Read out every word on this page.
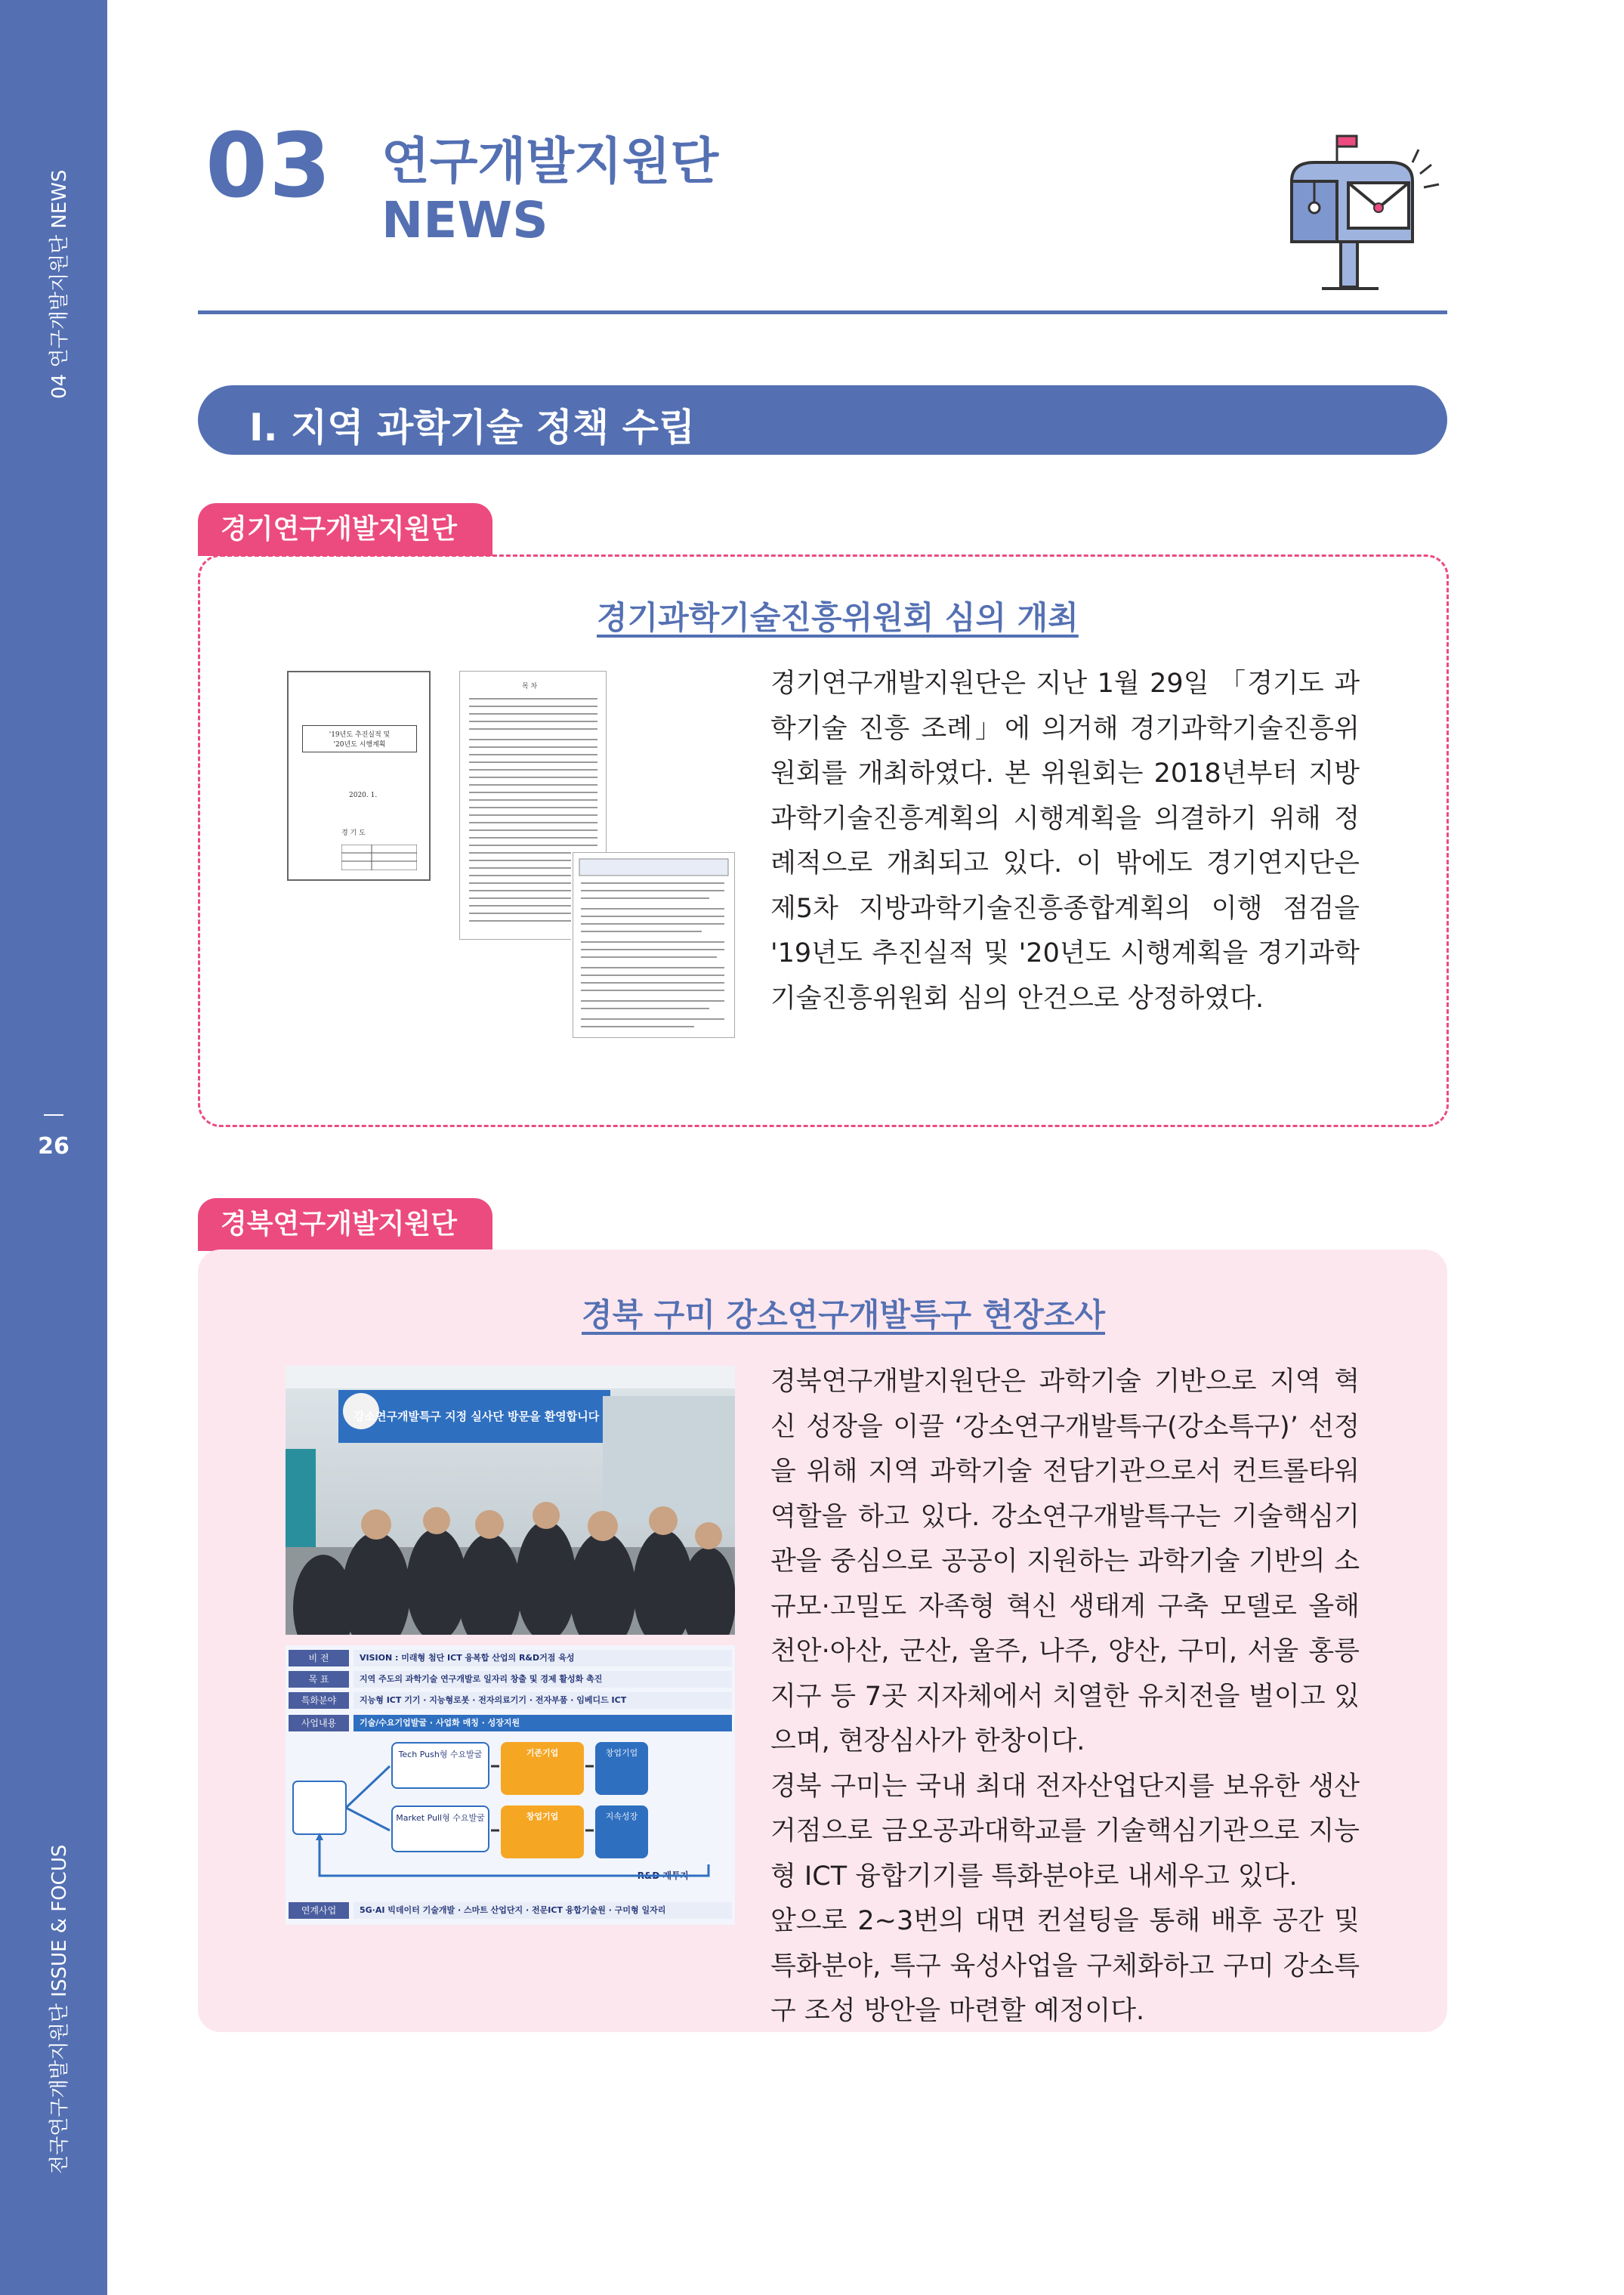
04 연구개발지원단 NEWS
26
전국연구개발지원단 ISSUE & FOCUS
03 연구개발지원단
NEWS
Ⅰ. 지역 과학기술 정책 수립
경기연구개발지원단
경기과학기술진흥위원회 심의 개최
'19년도 추진실적 및
'20년도 시행계획
2020. 1.
경 기 도
목 차	경기연구개발지원단은 지난 1월 29일 「경기도 과학기술 진흥 조례」에 의거해 경기과학기술진흥위원회를 개최하였다. 본 위원회는 2018년부터 지방과학기술진흥계획의 시행계획을 의결하기 위해 정례적으로 개최되고 있다. 이 밖에도 경기연지단은 제5차 지방과학기술진흥종합계획의 이행 점검을 '19년도 추진실적 및 '20년도 시행계획을 경기과학기술진흥위원회 심의 안건으로 상정하였다.
경북연구개발지원단
경북 구미 강소연구개발특구 현장조사
강소연구개발특구 지정 실사단 방문을 환영합니다
비 전	VISION : 미래형 첨단 ICT 융복합 산업의 R&D거점 육성
목 표	지역 주도의 과학기술 연구개발로 일자리 창출 및 경제 활성화 촉진
특화분야	지능형 ICT 기기 · 지능형로봇 · 전자의료기기 · 전자부품 · 임베디드 ICT
사업내용	기술/수요기업발굴 · 사업화 매칭 · 성장지원
Tech Push형 수요발굴
Market Pull형 수요발굴
기존기업
창업기업
창업기업
지속성장
R&D 재투자
연계사업	5G·AI 빅데이터 기술개발 · 스마트 산업단지 · 전문ICT 융합기술원 · 구미형 일자리

경북연구개발지원단은 과학기술 기반으로 지역 혁신 성장을 이끌 ‘강소연구개발특구(강소특구)’ 선정을 위해 지역 과학기술 전담기관으로서 컨트롤타워 역할을 하고 있다. 강소연구개발특구는 기술핵심기관을 중심으로 공공이 지원하는 과학기술 기반의 소규모·고밀도 자족형 혁신 생태계 구축 모델로 올해 천안·아산, 군산, 울주, 나주, 양산, 구미, 서울 홍릉지구 등 7곳 지자체에서 치열한 유치전을 벌이고 있으며, 현장심사가 한창이다.

경북 구미는 국내 최대 전자산업단지를 보유한 생산거점으로 금오공과대학교를 기술핵심기관으로 지능형 ICT 융합기기를 특화분야로 내세우고 있다.

앞으로 2~3번의 대면 컨설팅을 통해 배후 공간 및 특화분야, 특구 육성사업을 구체화하고 구미 강소특구 조성 방안을 마련할 예정이다.
